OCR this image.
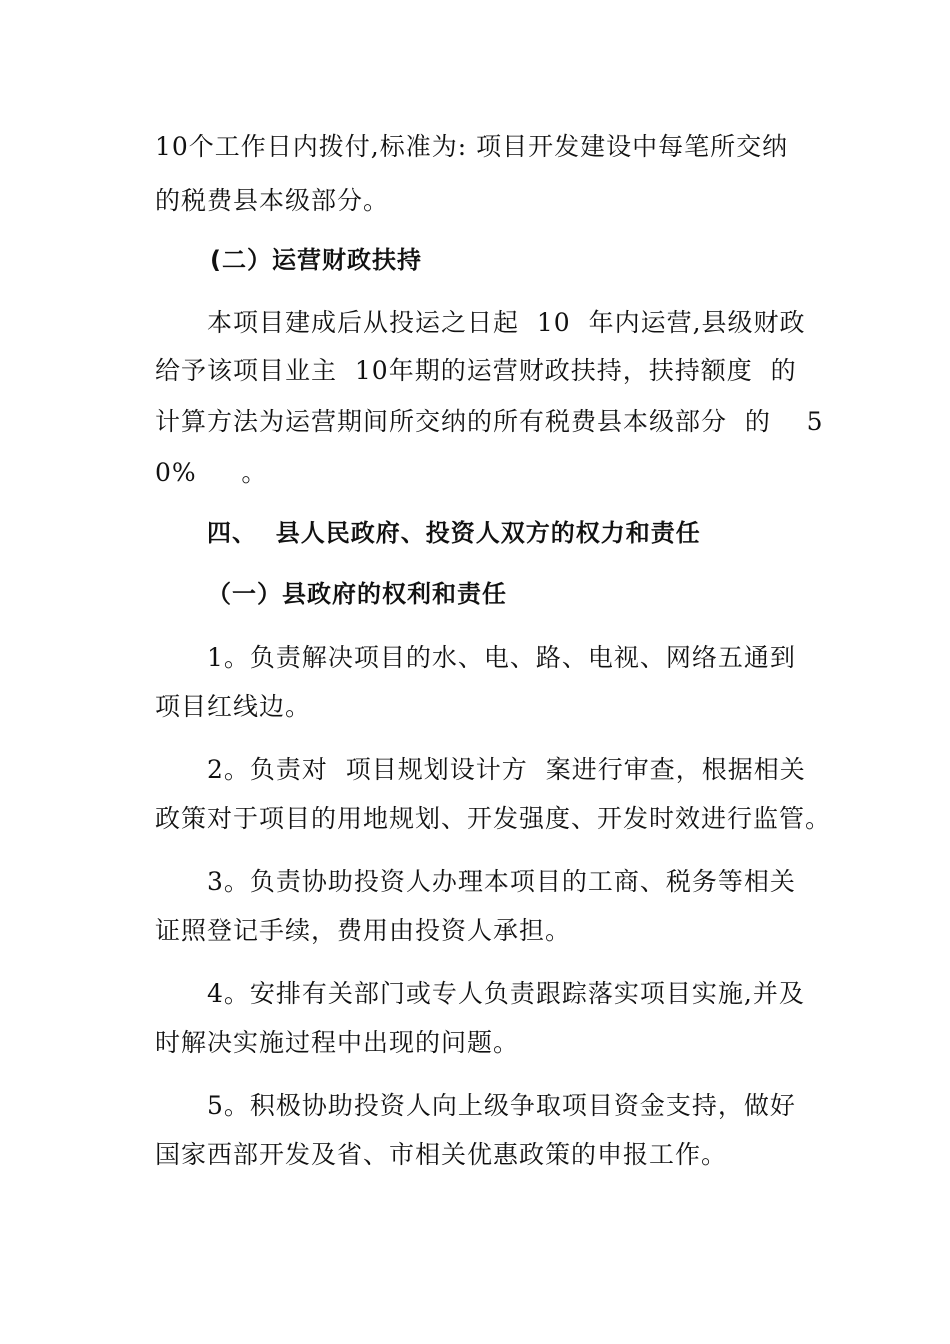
10个工作日内拨付,标准为: 项目开发建设中每笔所交纳
的税费县本级部分。
(二）运营财政扶持
本项目建成后从投运之日起  10  年内运营,县级财政
给予该项目业主  10年期的运营财政扶持，扶持额度  的
计算方法为运营期间所交纳的所有税费县本级部分  的    5
0%     。
四、  县人民政府、投资人双方的权力和责任
（一）县政府的权利和责任
1。负责解决项目的水、电、路、电视、网络五通到
项目红线边。
2。负责对  项目规划设计方  案进行审查，根据相关
政策对于项目的用地规划、开发强度、开发时效进行监管。
3。负责协助投资人办理本项目的工商、税务等相关
证照登记手续，费用由投资人承担。
4。安排有关部门或专人负责跟踪落实项目实施,并及
时解决实施过程中出现的问题。
5。积极协助投资人向上级争取项目资金支持，做好
国家西部开发及省、市相关优惠政策的申报工作。
